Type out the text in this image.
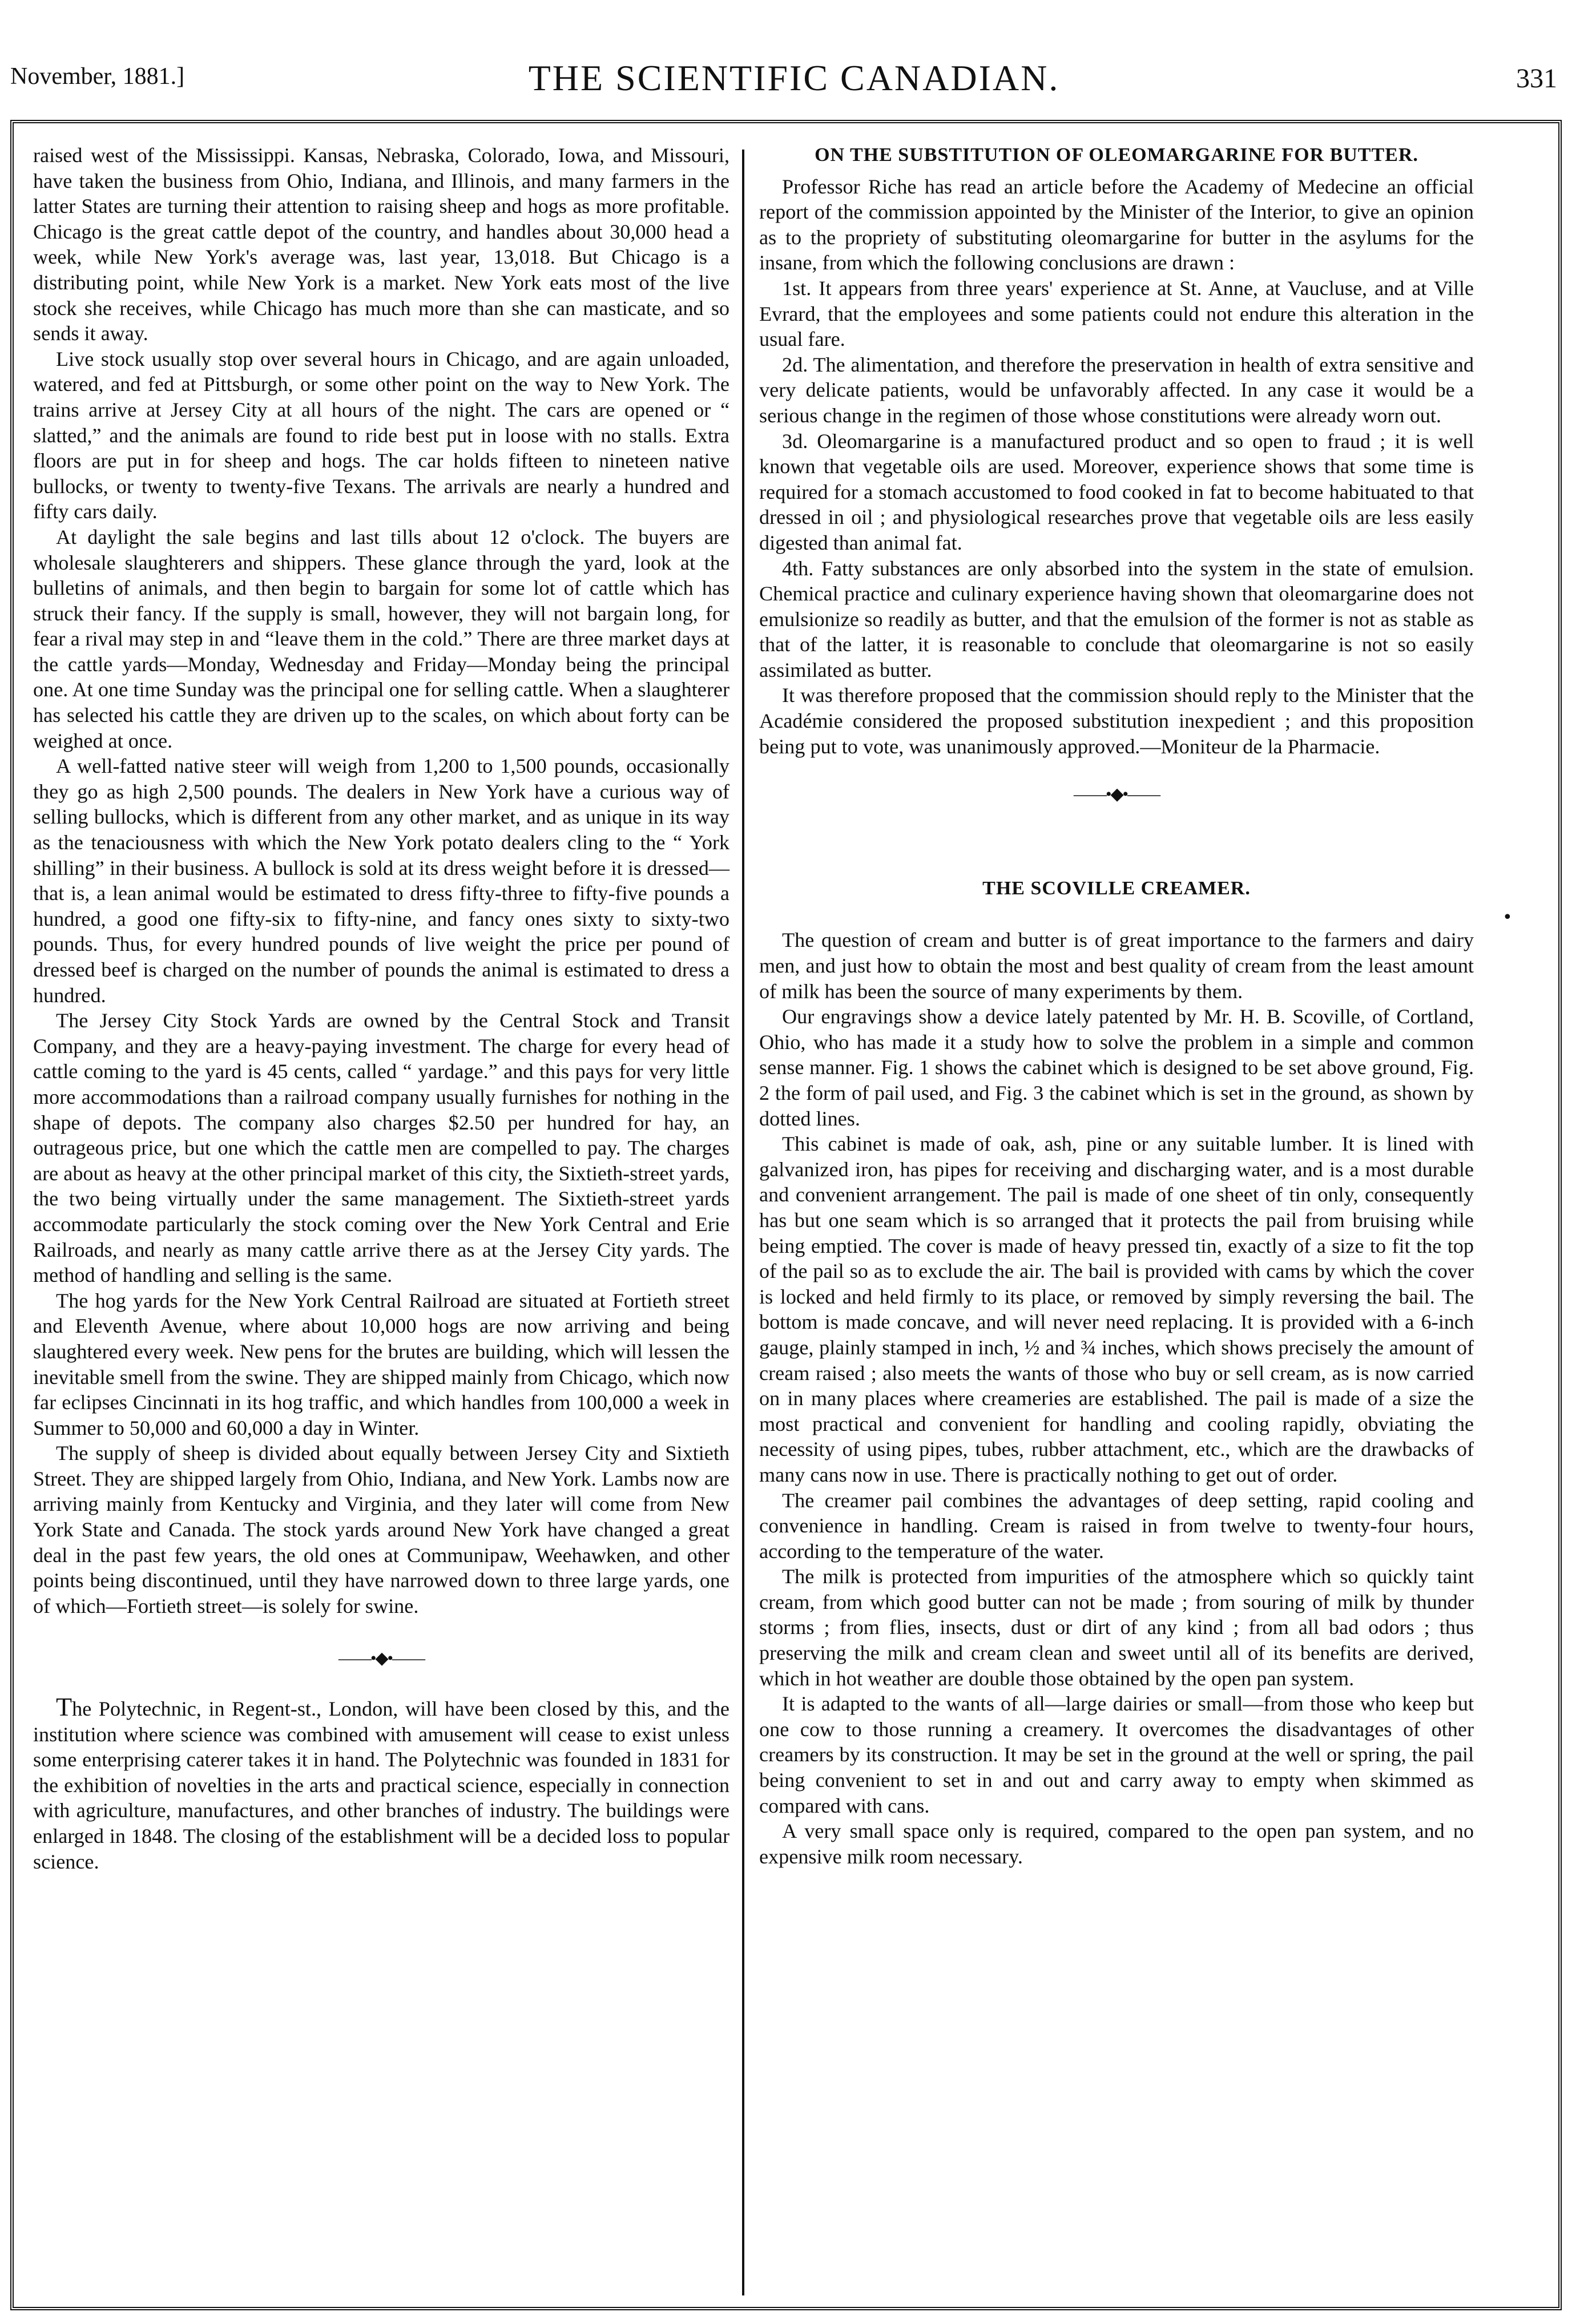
November, 1881.]	THE SCIENTIFIC CANADIAN.	331

raised west of the Mississippi. Kansas, Nebraska, Colorado, Iowa, and Missouri, have taken the business from Ohio, Indiana, and Illinois, and many farmers in the latter States are turning their attention to raising sheep and hogs as more profitable. Chicago is the great cattle depot of the country, and handles about 30,000 head a week, while New York's average was, last year, 13,018. But Chicago is a distributing point, while New York is a market. New York eats most of the live stock she receives, while Chicago has much more than she can masticate, and so sends it away.

Live stock usually stop over several hours in Chicago, and are again unloaded, watered, and fed at Pittsburgh, or some other point on the way to New York. The trains arrive at Jersey City at all hours of the night. The cars are opened or “ slatted,” and the animals are found to ride best put in loose with no stalls. Extra floors are put in for sheep and hogs. The car holds fifteen to nineteen native bullocks, or twenty to twenty-five Texans. The arrivals are nearly a hundred and fifty cars daily.

At daylight the sale begins and last tills about 12 o'clock. The buyers are wholesale slaughterers and shippers. These glance through the yard, look at the bulletins of animals, and then begin to bargain for some lot of cattle which has struck their fancy. If the supply is small, however, they will not bargain long, for fear a rival may step in and “leave them in the cold.” There are three market days at the cattle yards—Monday, Wednesday and Friday—Monday being the principal one. At one time Sunday was the principal one for selling cattle. When a slaughterer has selected his cattle they are driven up to the scales, on which about forty can be weighed at once.

A well-fatted native steer will weigh from 1,200 to 1,500 pounds, occasionally they go as high 2,500 pounds. The dealers in New York have a curious way of selling bullocks, which is different from any other market, and as unique in its way as the tenaciousness with which the New York potato dealers cling to the “ York shilling” in their business. A bullock is sold at its dress weight before it is dressed—that is, a lean animal would be estimated to dress fifty-three to fifty-five pounds a hundred, a good one fifty-six to fifty-nine, and fancy ones sixty to sixty-two pounds. Thus, for every hundred pounds of live weight the price per pound of dressed beef is charged on the number of pounds the animal is estimated to dress a hundred.

The Jersey City Stock Yards are owned by the Central Stock and Transit Company, and they are a heavy-paying investment. The charge for every head of cattle coming to the yard is 45 cents, called “ yardage.” and this pays for very little more accommodations than a railroad company usually furnishes for nothing in the shape of depots. The company also charges $2.50 per hundred for hay, an outrageous price, but one which the cattle men are compelled to pay. The charges are about as heavy at the other principal market of this city, the Sixtieth-street yards, the two being virtually under the same management. The Sixtieth-street yards accommodate particularly the stock coming over the New York Central and Erie Railroads, and nearly as many cattle arrive there as at the Jersey City yards. The method of handling and selling is the same.

The hog yards for the New York Central Railroad are situated at Fortieth street and Eleventh Avenue, where about 10,000 hogs are now arriving and being slaughtered every week. New pens for the brutes are building, which will lessen the inevitable smell from the swine. They are shipped mainly from Chicago, which now far eclipses Cincinnati in its hog traffic, and which handles from 100,000 a week in Summer to 50,000 and 60,000 a day in Winter.

The supply of sheep is divided about equally between Jersey City and Sixtieth Street. They are shipped largely from Ohio, Indiana, and New York. Lambs now are arriving mainly from Kentucky and Virginia, and they later will come from New York State and Canada. The stock yards around New York have changed a great deal in the past few years, the old ones at Communipaw, Weehawken, and other points being discontinued, until they have narrowed down to three large yards, one of which—Fortieth street—is solely for swine.

——•◆•——

The Polytechnic, in Regent-st., London, will have been closed by this, and the institution where science was combined with amusement will cease to exist unless some enterprising caterer takes it in hand. The Polytechnic was founded in 1831 for the exhibition of novelties in the arts and practical science, especially in connection with agriculture, manufactures, and other branches of industry. The buildings were enlarged in 1848. The closing of the establishment will be a decided loss to popular science.

ON THE SUBSTITUTION OF OLEOMARGARINE FOR BUTTER.

Professor Riche has read an article before the Academy of Medecine an official report of the commission appointed by the Minister of the Interior, to give an opinion as to the propriety of substituting oleomargarine for butter in the asylums for the insane, from which the following conclusions are drawn :

1st. It appears from three years' experience at St. Anne, at Vaucluse, and at Ville Evrard, that the employees and some patients could not endure this alteration in the usual fare.

2d. The alimentation, and therefore the preservation in health of extra sensitive and very delicate patients, would be unfavorably affected. In any case it would be a serious change in the regimen of those whose constitutions were already worn out.

3d. Oleomargarine is a manufactured product and so open to fraud ; it is well known that vegetable oils are used. Moreover, experience shows that some time is required for a stomach accustomed to food cooked in fat to become habituated to that dressed in oil ; and physiological researches prove that vegetable oils are less easily digested than animal fat.

4th. Fatty substances are only absorbed into the system in the state of emulsion. Chemical practice and culinary experience having shown that oleomargarine does not emulsionize so readily as butter, and that the emulsion of the former is not as stable as that of the latter, it is reasonable to conclude that oleomargarine is not so easily assimilated as butter.

It was therefore proposed that the commission should reply to the Minister that the Académie considered the proposed substitution inexpedient ; and this proposition being put to vote, was unanimously approved.—Moniteur de la Pharmacie.

——•◆•——

THE SCOVILLE CREAMER.

The question of cream and butter is of great importance to the farmers and dairy men, and just how to obtain the most and best quality of cream from the least amount of milk has been the source of many experiments by them.

Our engravings show a device lately patented by Mr. H. B. Scoville, of Cortland, Ohio, who has made it a study how to solve the problem in a simple and common sense manner. Fig. 1 shows the cabinet which is designed to be set above ground, Fig. 2 the form of pail used, and Fig. 3 the cabinet which is set in the ground, as shown by dotted lines.

This cabinet is made of oak, ash, pine or any suitable lumber. It is lined with galvanized iron, has pipes for receiving and discharging water, and is a most durable and convenient arrangement. The pail is made of one sheet of tin only, consequently has but one seam which is so arranged that it protects the pail from bruising while being emptied. The cover is made of heavy pressed tin, exactly of a size to fit the top of the pail so as to exclude the air. The bail is provided with cams by which the cover is locked and held firmly to its place, or removed by simply reversing the bail. The bottom is made concave, and will never need replacing. It is provided with a 6-inch gauge, plainly stamped in inch, ½ and ¾ inches, which shows precisely the amount of cream raised ; also meets the wants of those who buy or sell cream, as is now carried on in many places where creameries are established. The pail is made of a size the most practical and convenient for handling and cooling rapidly, obviating the necessity of using pipes, tubes, rubber attachment, etc., which are the drawbacks of many cans now in use. There is practically nothing to get out of order.

The creamer pail combines the advantages of deep setting, rapid cooling and convenience in handling. Cream is raised in from twelve to twenty-four hours, according to the temperature of the water.

The milk is protected from impurities of the atmosphere which so quickly taint cream, from which good butter can not be made ; from souring of milk by thunder storms ; from flies, insects, dust or dirt of any kind ; from all bad odors ; thus preserving the milk and cream clean and sweet until all of its benefits are derived, which in hot weather are double those obtained by the open pan system.

It is adapted to the wants of all—large dairies or small—from those who keep but one cow to those running a creamery. It overcomes the disadvantages of other creamers by its construction. It may be set in the ground at the well or spring, the pail being convenient to set in and out and carry away to empty when skimmed as compared with cans.

A very small space only is required, compared to the open pan system, and no expensive milk room necessary.

•
